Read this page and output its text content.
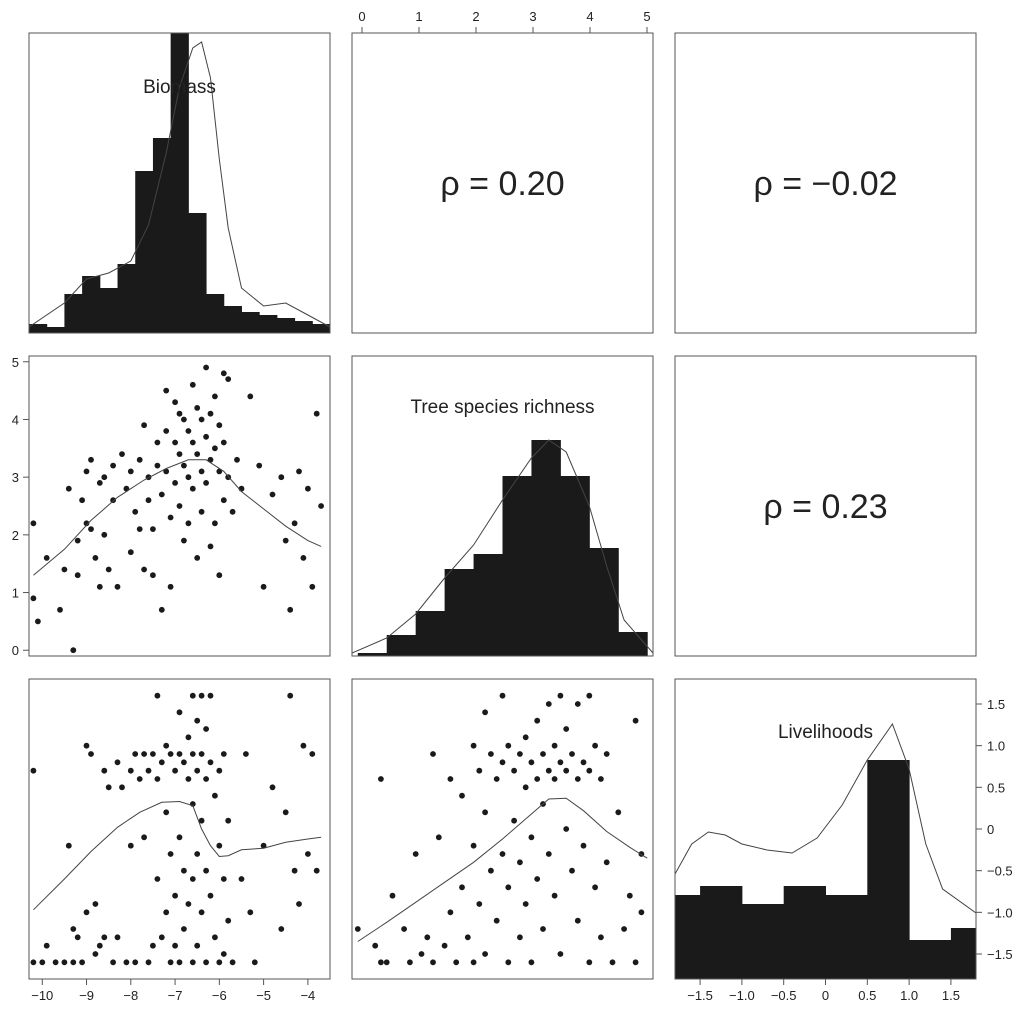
Biomass
ρ = 0.20	ρ = −0.02
Tree species richness
ρ = 0.23
Livelihoods
0	1	2	3	4	5
0
1
2
3
4
5
−1.5
−1.0
−0.5
0
0.5
1.0
1.5
−10 −9 −8 −7 −6 −5 −4	−1.5 −1.0 −0.5 0 0.5 1.0 1.5
